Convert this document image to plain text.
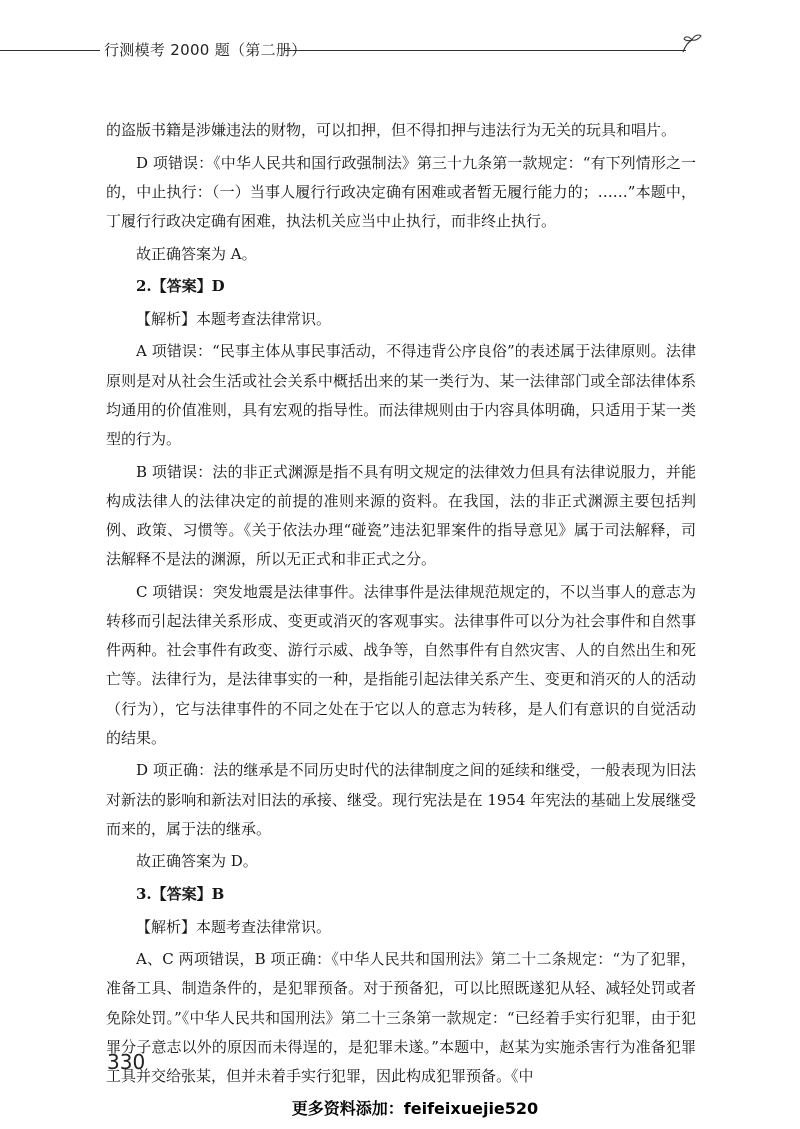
行测模考 2000 题（第二册）

的盗版书籍是涉嫌违法的财物，可以扣押，但不得扣押与违法行为无关的玩具和唱片。

D 项错误：《中华人民共和国行政强制法》第三十九条第一款规定：“有下列情形之一的，中止执行：（一）当事人履行行政决定确有困难或者暂无履行能力的；……”本题中，丁履行行政决定确有困难，执法机关应当中止执行，而非终止执行。

故正确答案为 A。

2.【答案】D

【解析】本题考查法律常识。

A 项错误：“民事主体从事民事活动，不得违背公序良俗”的表述属于法律原则。法律原则是对从社会生活或社会关系中概括出来的某一类行为、某一法律部门或全部法律体系均通用的价值准则，具有宏观的指导性。而法律规则由于内容具体明确，只适用于某一类型的行为。

B 项错误：法的非正式渊源是指不具有明文规定的法律效力但具有法律说服力，并能构成法律人的法律决定的前提的准则来源的资料。在我国，法的非正式渊源主要包括判例、政策、习惯等。《关于依法办理“碰瓷”违法犯罪案件的指导意见》属于司法解释，司法解释不是法的渊源，所以无正式和非正式之分。

C 项错误：突发地震是法律事件。法律事件是法律规范规定的，不以当事人的意志为转移而引起法律关系形成、变更或消灭的客观事实。法律事件可以分为社会事件和自然事件两种。社会事件有政变、游行示威、战争等，自然事件有自然灾害、人的自然出生和死亡等。法律行为，是法律事实的一种，是指能引起法律关系产生、变更和消灭的人的活动（行为），它与法律事件的不同之处在于它以人的意志为转移，是人们有意识的自觉活动的结果。

D 项正确：法的继承是不同历史时代的法律制度之间的延续和继受，一般表现为旧法对新法的影响和新法对旧法的承接、继受。现行宪法是在 1954 年宪法的基础上发展继受而来的，属于法的继承。

故正确答案为 D。

3.【答案】B

【解析】本题考查法律常识。

A、C 两项错误，B 项正确：《中华人民共和国刑法》第二十二条规定：“为了犯罪，准备工具、制造条件的，是犯罪预备。对于预备犯，可以比照既遂犯从轻、减轻处罚或者免除处罚。”《中华人民共和国刑法》第二十三条第一款规定：“已经着手实行犯罪，由于犯罪分子意志以外的原因而未得逞的，是犯罪未遂。”本题中，赵某为实施杀害行为准备犯罪工具并交给张某，但并未着手实行犯罪，因此构成犯罪预备。《中

330
更多资料添加：feifeixuejie520
